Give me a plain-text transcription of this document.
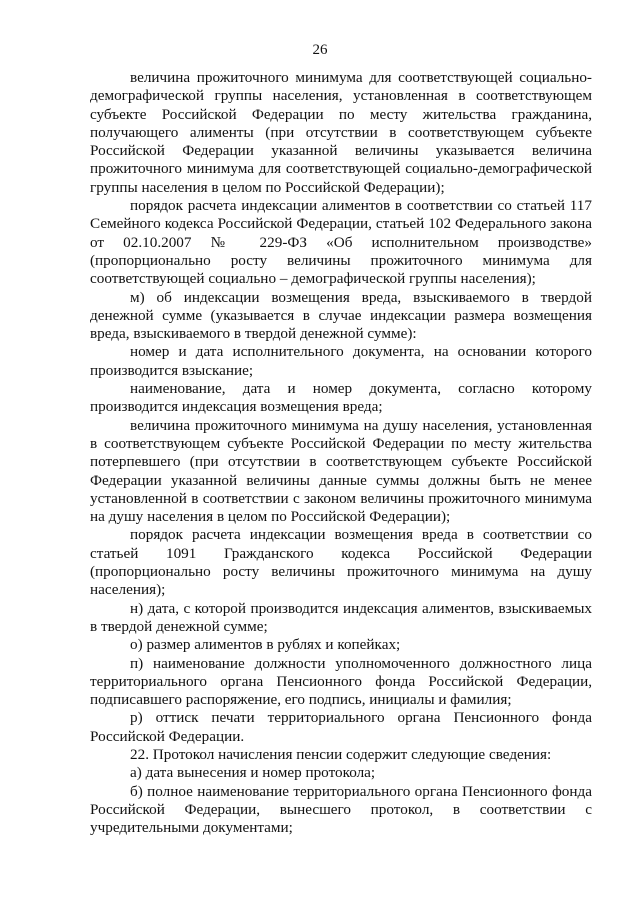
26

величина прожиточного минимума для соответствующей социально-демографической группы населения, установленная в соответствующем субъекте Российской Федерации по месту жительства гражданина, получающего алименты (при отсутствии в соответствующем субъекте Российской Федерации указанной величины указывается величина прожиточного минимума для соответствующей социально-демографической группы населения в целом по Российской Федерации);

порядок расчета индексации алиментов в соответствии со статьей 117 Семейного кодекса Российской Федерации, статьей 102 Федерального закона от 02.10.2007 № 229-ФЗ «Об исполнительном производстве» (пропорционально росту величины прожиточного минимума для соответствующей социально – демографической группы населения);

м) об индексации возмещения вреда, взыскиваемого в твердой денежной сумме (указывается в случае индексации размера возмещения вреда, взыскиваемого в твердой денежной сумме):

номер и дата исполнительного документа, на основании которого производится взыскание;

наименование, дата и номер документа, согласно которому производится индексация возмещения вреда;

величина прожиточного минимума на душу населения, установленная в соответствующем субъекте Российской Федерации по месту жительства потерпевшего (при отсутствии в соответствующем субъекте Российской Федерации указанной величины данные суммы должны быть не менее установленной в соответствии с законом величины прожиточного минимума на душу населения в целом по Российской Федерации);

порядок расчета индексации возмещения вреда в соответствии со статьей 1091 Гражданского кодекса Российской Федерации (пропорционально росту величины прожиточного минимума на душу населения);

н) дата, с которой производится индексация алиментов, взыскиваемых в твердой денежной сумме;

о) размер алиментов в рублях и копейках;

п) наименование должности уполномоченного должностного лица территориального органа Пенсионного фонда Российской Федерации, подписавшего распоряжение, его подпись, инициалы и фамилия;

р) оттиск печати территориального органа Пенсионного фонда Российской Федерации.

22. Протокол начисления пенсии содержит следующие сведения:

а) дата вынесения и номер протокола;

б) полное наименование территориального органа Пенсионного фонда Российской Федерации, вынесшего протокол, в соответствии с учредительными документами;
